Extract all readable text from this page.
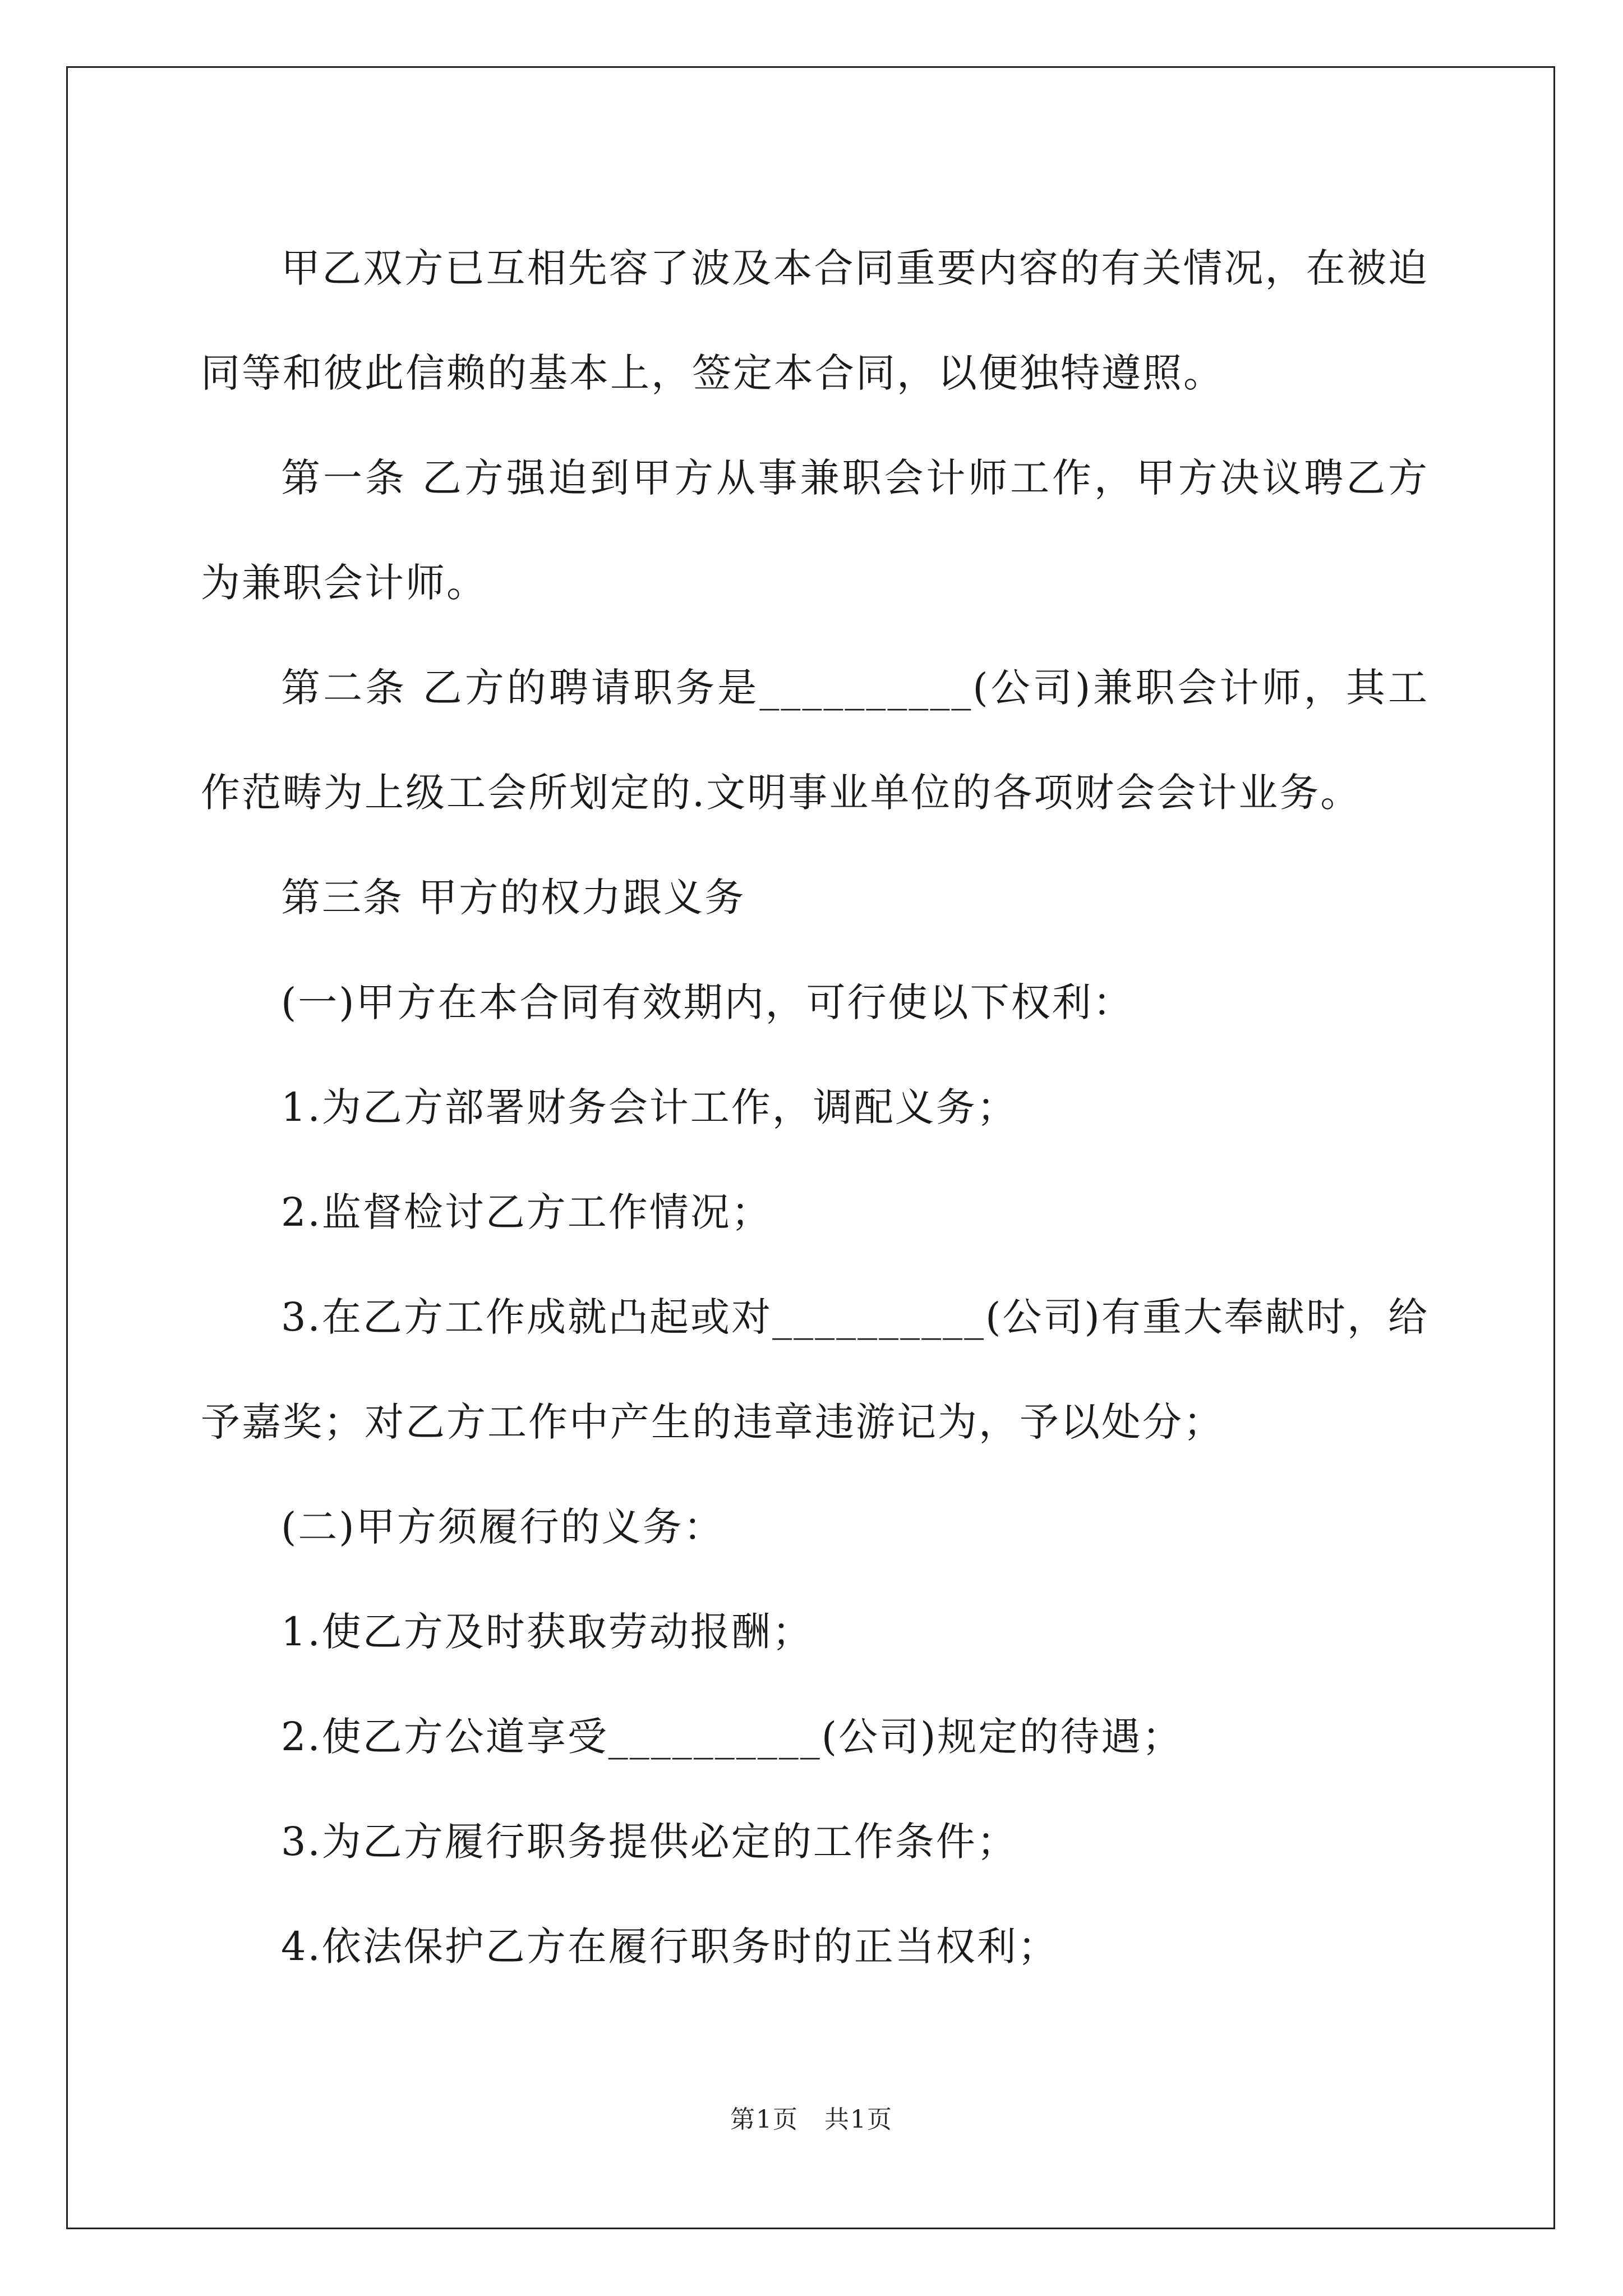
甲乙双方已互相先容了波及本合同重要内容的有关情况，在被迫同等和彼此信赖的基本上，签定本合同，以便独特遵照。

第一条 乙方强迫到甲方从事兼职会计师工作，甲方决议聘乙方为兼职会计师。

第二条 乙方的聘请职务是__________(公司)兼职会计师，其工作范畴为上级工会所划定的.文明事业单位的各项财会会计业务。

第三条 甲方的权力跟义务

(一)甲方在本合同有效期内，可行使以下权利：

1.为乙方部署财务会计工作，调配义务；

2.监督检讨乙方工作情况；

3.在乙方工作成就凸起或对__________(公司)有重大奉献时，给予嘉奖；对乙方工作中产生的违章违游记为，予以处分；

(二)甲方须履行的义务：

1.使乙方及时获取劳动报酬；

2.使乙方公道享受__________(公司)规定的待遇；

3.为乙方履行职务提供必定的工作条件；

4.依法保护乙方在履行职务时的正当权利；

第1页　共1页
